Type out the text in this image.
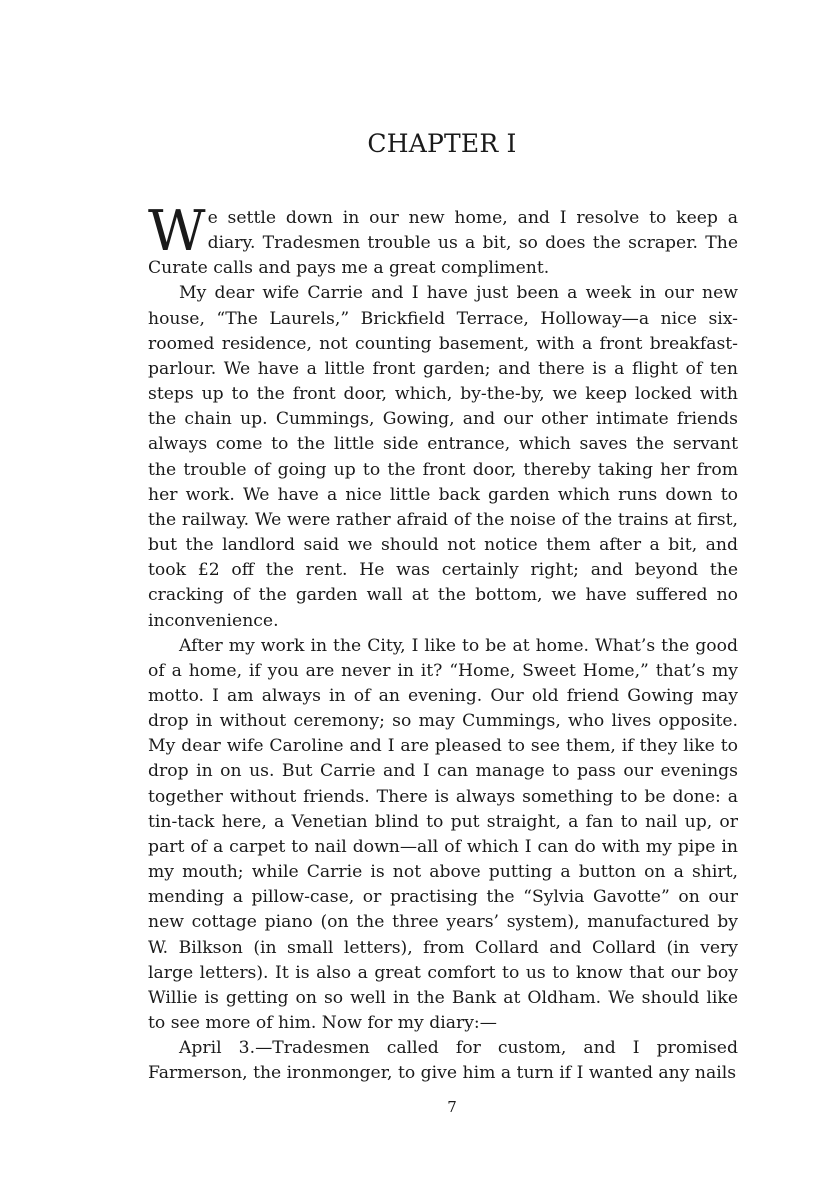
CHAPTER I

We settle down in our new home, and I resolve to keep a diary. Tradesmen trouble us a bit, so does the scraper. The Curate calls and pays me a great compliment.

My dear wife Carrie and I have just been a week in our new house, “The Laurels,” Brickfield Terrace, Holloway—a nice six-roomed residence, not counting basement, with a front breakfast-parlour. We have a little front garden; and there is a flight of ten steps up to the front door, which, by-the-by, we keep locked with the chain up. Cummings, Gowing, and our other intimate friends always come to the little side entrance, which saves the servant the trouble of going up to the front door, thereby taking her from her work. We have a nice little back garden which runs down to the railway. We were rather afraid of the noise of the trains at first, but the landlord said we should not notice them after a bit, and took £2 off the rent. He was certainly right; and beyond the cracking of the garden wall at the bottom, we have suffered no inconvenience.

After my work in the City, I like to be at home. What’s the good of a home, if you are never in it? “Home, Sweet Home,” that’s my motto. I am always in of an evening. Our old friend Gowing may drop in without ceremony; so may Cummings, who lives opposite. My dear wife Caroline and I are pleased to see them, if they like to drop in on us. But Carrie and I can manage to pass our evenings together without friends. There is always something to be done: a tin-tack here, a Venetian blind to put straight, a fan to nail up, or part of a carpet to nail down—all of which I can do with my pipe in my mouth; while Carrie is not above putting a button on a shirt, mending a pillow-case, or practising the “Sylvia Gavotte” on our new cottage piano (on the three years’ system), manufactured by W. Bilkson (in small letters), from Collard and Collard (in very large letters). It is also a great comfort to us to know that our boy Willie is getting on so well in the Bank at Oldham. We should like to see more of him. Now for my diary:—

April 3.—Tradesmen called for custom, and I promised Farmerson, the ironmonger, to give him a turn if I wanted any nails

7
